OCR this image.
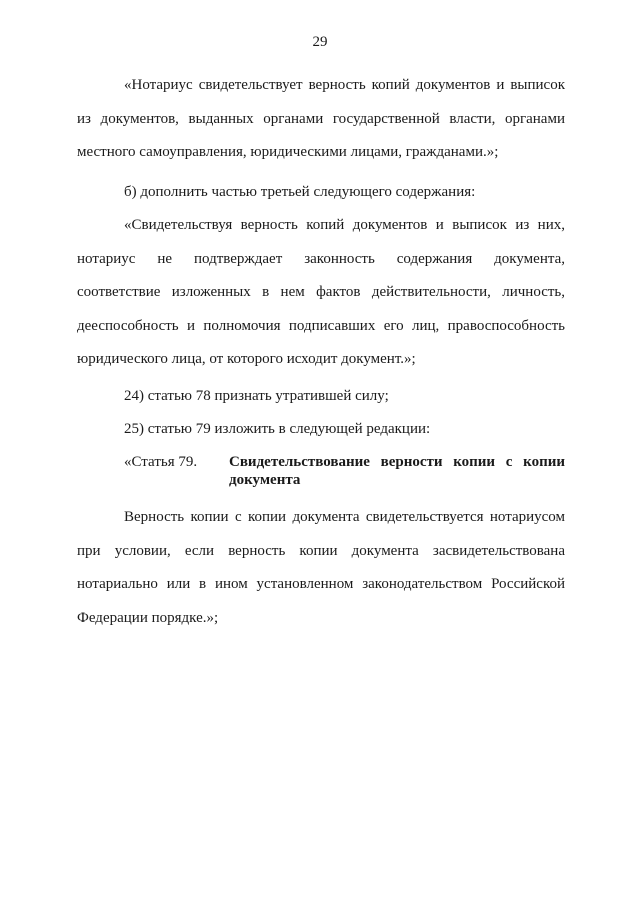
29
«Нотариус свидетельствует верность копий документов и выписок
из документов, выданных органами государственной власти, органами
местного самоуправления, юридическими лицами, гражданами.»;
б) дополнить частью третьей следующего содержания:
«Свидетельствуя верность копий документов и выписок из них,
нотариус не подтверждает законность содержания документа,
соответствие изложенных в нем фактов действительности, личность,
дееспособность и полномочия подписавших его лиц, правоспособность
юридического лица, от которого исходит документ.»;
24) статью 78 признать утратившей силу;
25) статью 79 изложить в следующей редакции:
«Статья 79. Свидетельствование верности копии с копии
документа
Верность копии с копии документа свидетельствуется нотариусом
при условии, если верность копии документа засвидетельствована
нотариально или в ином установленном законодательством Российской
Федерации порядке.»;
